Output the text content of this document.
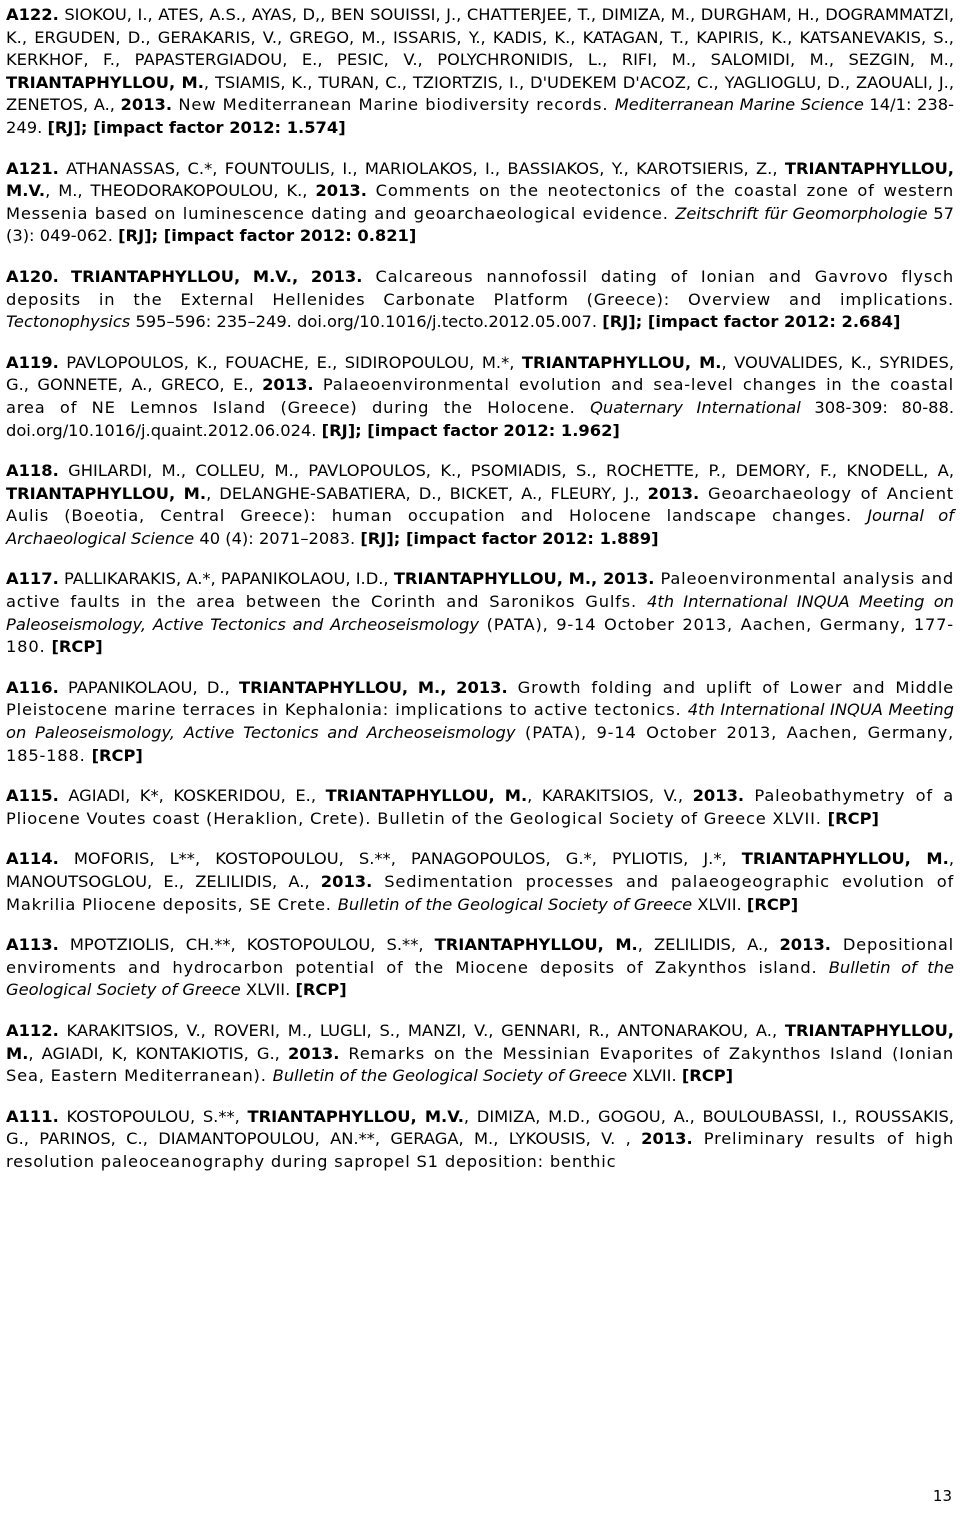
A122. SIOKOU, I., ATES, A.S., AYAS, D,, BEN SOUISSI, J., CHATTERJEE, T., DIMIZA, M., DURGHAM, H., DOGRAMMATZI, K., ERGUDEN, D., GERAKARIS, V., GREGO, M., ISSARIS, Y., KADIS, K., KATAGAN, T., KAPIRIS, K., KATSANEVAKIS, S., KERKHOF, F., PAPASTERGIADOU, E., PESIC, V., POLYCHRONIDIS, L., RIFI, M., SALOMIDI, M., SEZGIN, M., TRIANTAPHYLLOU, M., TSIAMIS, K., TURAN, C., TZIORTZIS, I., D'UDEKEM D'ACOZ, C., YAGLIOGLU, D., ZAOUALI, J., ZENETOS, A., 2013. New Mediterranean Marine biodiversity records. Mediterranean Marine Science 14/1: 238-249. [RJ]; [impact factor 2012: 1.574]

A121. ATHANASSAS, C.*, FOUNTOULIS, I., MARIOLAKOS, I., BASSIAKOS, Y., KAROTSIERIS, Z., TRIANTAPHYLLOU, M.V., M., THEODORAKOPOULOU, K., 2013. Comments on the neotectonics of the coastal zone of western Messenia based on luminescence dating and geoarchaeological evidence. Zeitschrift für Geomorphologie 57 (3): 049-062. [RJ]; [impact factor 2012: 0.821]

A120. TRIANTAPHYLLOU, M.V., 2013. Calcareous nannofossil dating of Ionian and Gavrovo flysch deposits in the External Hellenides Carbonate Platform (Greece): Overview and implications. Tectonophysics 595–596: 235–249. doi.org/10.1016/j.tecto.2012.05.007. [RJ]; [impact factor 2012: 2.684]

A119. PAVLOPOULOS, K., FOUACHE, E., SIDIROPOULOU, M.*, TRIANTAPHYLLOU, M., VOUVALIDES, K., SYRIDES, G., GONNETE, A., GRECO, E., 2013. Palaeoenvironmental evolution and sea-level changes in the coastal area of NE Lemnos Island (Greece) during the Holocene. Quaternary International 308-309: 80-88. doi.org/10.1016/j.quaint.2012.06.024. [RJ]; [impact factor 2012: 1.962]

A118. GHILARDI, M., COLLEU, M., PAVLOPOULOS, K., PSOMIADIS, S., ROCHETTE, P., DEMORY, F., KNODELL, A, TRIANTAPHYLLOU, M., DELANGHE-SABATIERA, D., BICKET, A., FLEURY, J., 2013. Geoarchaeology of Ancient Aulis (Boeotia, Central Greece): human occupation and Holocene landscape changes. Journal of Archaeological Science 40 (4): 2071–2083. [RJ]; [impact factor 2012: 1.889]

A117. PALLIKARAKIS, A.*, PAPANIKOLAOU, I.D., TRIANTAPHYLLOU, M., 2013. Paleoenvironmental analysis and active faults in the area between the Corinth and Saronikos Gulfs. 4th International INQUA Meeting on Paleoseismology, Active Tectonics and Archeoseismology (PATA), 9-14 October 2013, Aachen, Germany, 177-180. [RCP]

A116. PAPANIKOLAOU, D., TRIANTAPHYLLOU, M., 2013. Growth folding and uplift of Lower and Middle Pleistocene marine terraces in Kephalonia: implications to active tectonics. 4th International INQUA Meeting on Paleoseismology, Active Tectonics and Archeoseismology (PATA), 9-14 October 2013, Aachen, Germany, 185-188. [RCP]

A115. AGIADI, K*, KOSKERIDOU, E., TRIANTAPHYLLOU, M., KARAKITSIOS, V., 2013. Paleobathymetry of a Pliocene Voutes coast (Heraklion, Crete). Bulletin of the Geological Society of Greece XLVII. [RCP]

A114. MOFORIS, L**, KOSTOPOULOU, S.**, PANAGOPOULOS, G.*, PYLIOTIS, J.*, TRIANTAPHYLLOU, M., MANOUTSOGLOU, E., ZELILIDIS, A., 2013. Sedimentation processes and palaeogeographic evolution of Makrilia Pliocene deposits, SE Crete. Bulletin of the Geological Society of Greece XLVII. [RCP]

A113. MPOTZIOLIS, CH.**, KOSTOPOULOU, S.**, TRIANTAPHYLLOU, M., ZELILIDIS, A., 2013. Depositional enviroments and hydrocarbon potential of the Miocene deposits of Zakynthos island. Bulletin of the Geological Society of Greece XLVII. [RCP]

A112. KARAKITSIOS, V., ROVERI, M., LUGLI, S., MANZI, V., GENNARI, R., ANTONARAKOU, A., TRIANTAPHYLLOU, M., AGIADI, K, KONTAKIOTIS, G., 2013. Remarks on the Messinian Evaporites of Zakynthos Island (Ionian Sea, Eastern Mediterranean). Bulletin of the Geological Society of Greece XLVII. [RCP]

A111. KOSTOPOULOU, S.**, TRIANTAPHYLLOU, M.V., DIMIZA, M.D., GOGOU, A., BOULOUBASSI, I., ROUSSAKIS, G., PARINOS, C., DIAMANTOPOULOU, AN.**, GERAGA, M., LYKOUSIS, V. , 2013. Preliminary results of high resolution paleoceanography during sapropel S1 deposition: benthic

13
